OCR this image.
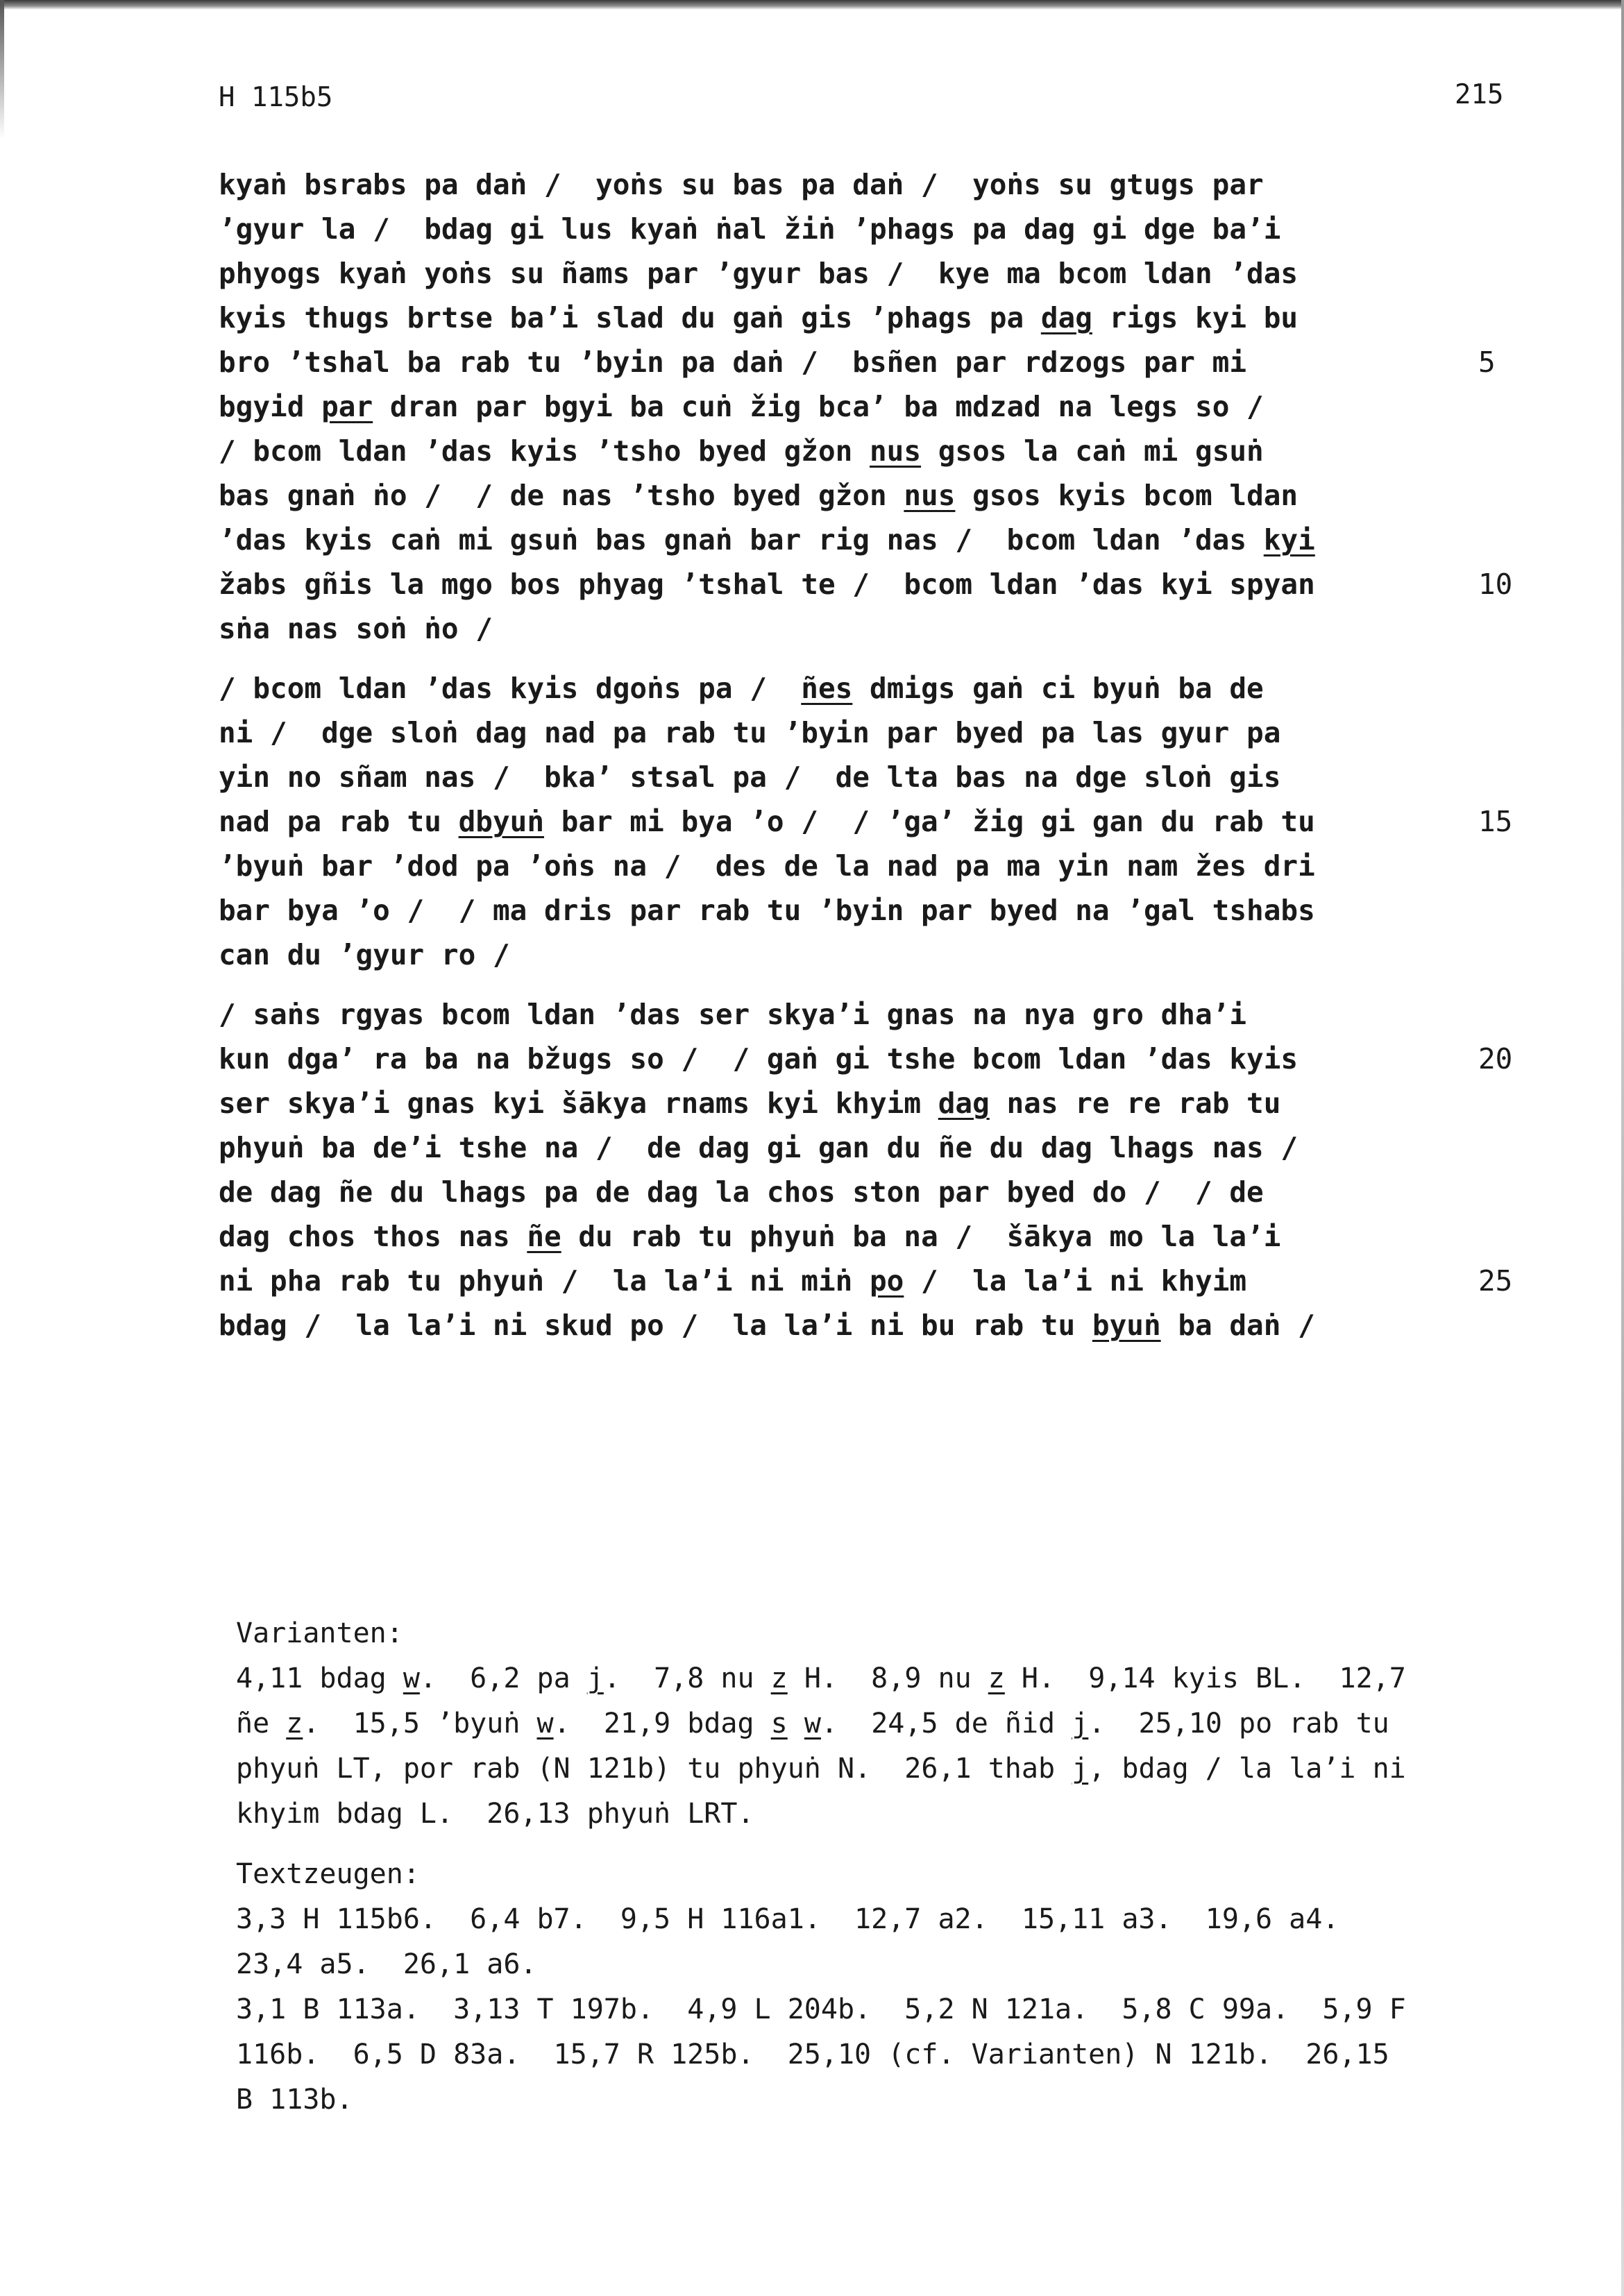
H 115b5	215
kyaṅ bsrabs pa daṅ /  yoṅs su bas pa daṅ /  yoṅs su gtugs par
’gyur la /  bdag gi lus kyaṅ ṅal žiṅ ’phags pa dag gi dge ba’i
phyogs kyaṅ yoṅs su ñams par ’gyur bas /  kye ma bcom ldan ’das
kyis thugs brtse ba’i slad du gaṅ gis ’phags pa dag rigs kyi bu
bro ’tshal ba rab tu ’byin pa daṅ /  bsñen par rdzogs par mi	5
bgyid par dran par bgyi ba cuṅ žig bca’ ba mdzad na legs so /
/ bcom ldan ’das kyis ’tsho byed gžon nus gsos la caṅ mi gsuṅ
bas gnaṅ ṅo /  / de nas ’tsho byed gžon nus gsos kyis bcom ldan
’das kyis caṅ mi gsuṅ bas gnaṅ bar rig nas /  bcom ldan ’das kyi
žabs gñis la mgo bos phyag ’tshal te /  bcom ldan ’das kyi spyan	10
sṅa nas soṅ ṅo /
/ bcom ldan ’das kyis dgoṅs pa /  ñes dmigs gaṅ ci byuṅ ba de
ni /  dge sloṅ dag nad pa rab tu ’byin par byed pa las gyur pa
yin no sñam nas /  bka’ stsal pa /  de lta bas na dge sloṅ gis
nad pa rab tu dbyuṅ bar mi bya ’o /  / ’ga’ žig gi gan du rab tu	15
’byuṅ bar ’dod pa ’oṅs na /  des de la nad pa ma yin nam žes dri
bar bya ’o /  / ma dris par rab tu ’byin par byed na ’gal tshabs
can du ’gyur ro /
/ saṅs rgyas bcom ldan ’das ser skya’i gnas na nya gro dha’i
kun dga’ ra ba na bžugs so /  / gaṅ gi tshe bcom ldan ’das kyis	20
ser skya’i gnas kyi šākya rnams kyi khyim dag nas re re rab tu
phyuṅ ba de’i tshe na /  de dag gi gan du ñe du dag lhags nas /
de dag ñe du lhags pa de dag la chos ston par byed do /  / de
dag chos thos nas ñe du rab tu phyuṅ ba na /  šākya mo la la’i
ni pha rab tu phyuṅ /  la la’i ni miṅ po /  la la’i ni khyim	25
bdag /  la la’i ni skud po /  la la’i ni bu rab tu byuṅ ba daṅ /
Varianten:
4,11 bdag w.  6,2 pa j.  7,8 nu z H.  8,9 nu z H.  9,14 kyis BL.  12,7
ñe z.  15,5 ’byuṅ w.  21,9 bdag s w.  24,5 de ñid j.  25,10 po rab tu
phyuṅ LT, por rab (N 121b) tu phyuṅ N.  26,1 thab j, bdag / la la’i ni
khyim bdag L.  26,13 phyuṅ LRT.
Textzeugen:
3,3 H 115b6.  6,4 b7.  9,5 H 116a1.  12,7 a2.  15,11 a3.  19,6 a4.
23,4 a5.  26,1 a6.
3,1 B 113a.  3,13 T 197b.  4,9 L 204b.  5,2 N 121a.  5,8 C 99a.  5,9 F
116b.  6,5 D 83a.  15,7 R 125b.  25,10 (cf. Varianten) N 121b.  26,15
B 113b.
